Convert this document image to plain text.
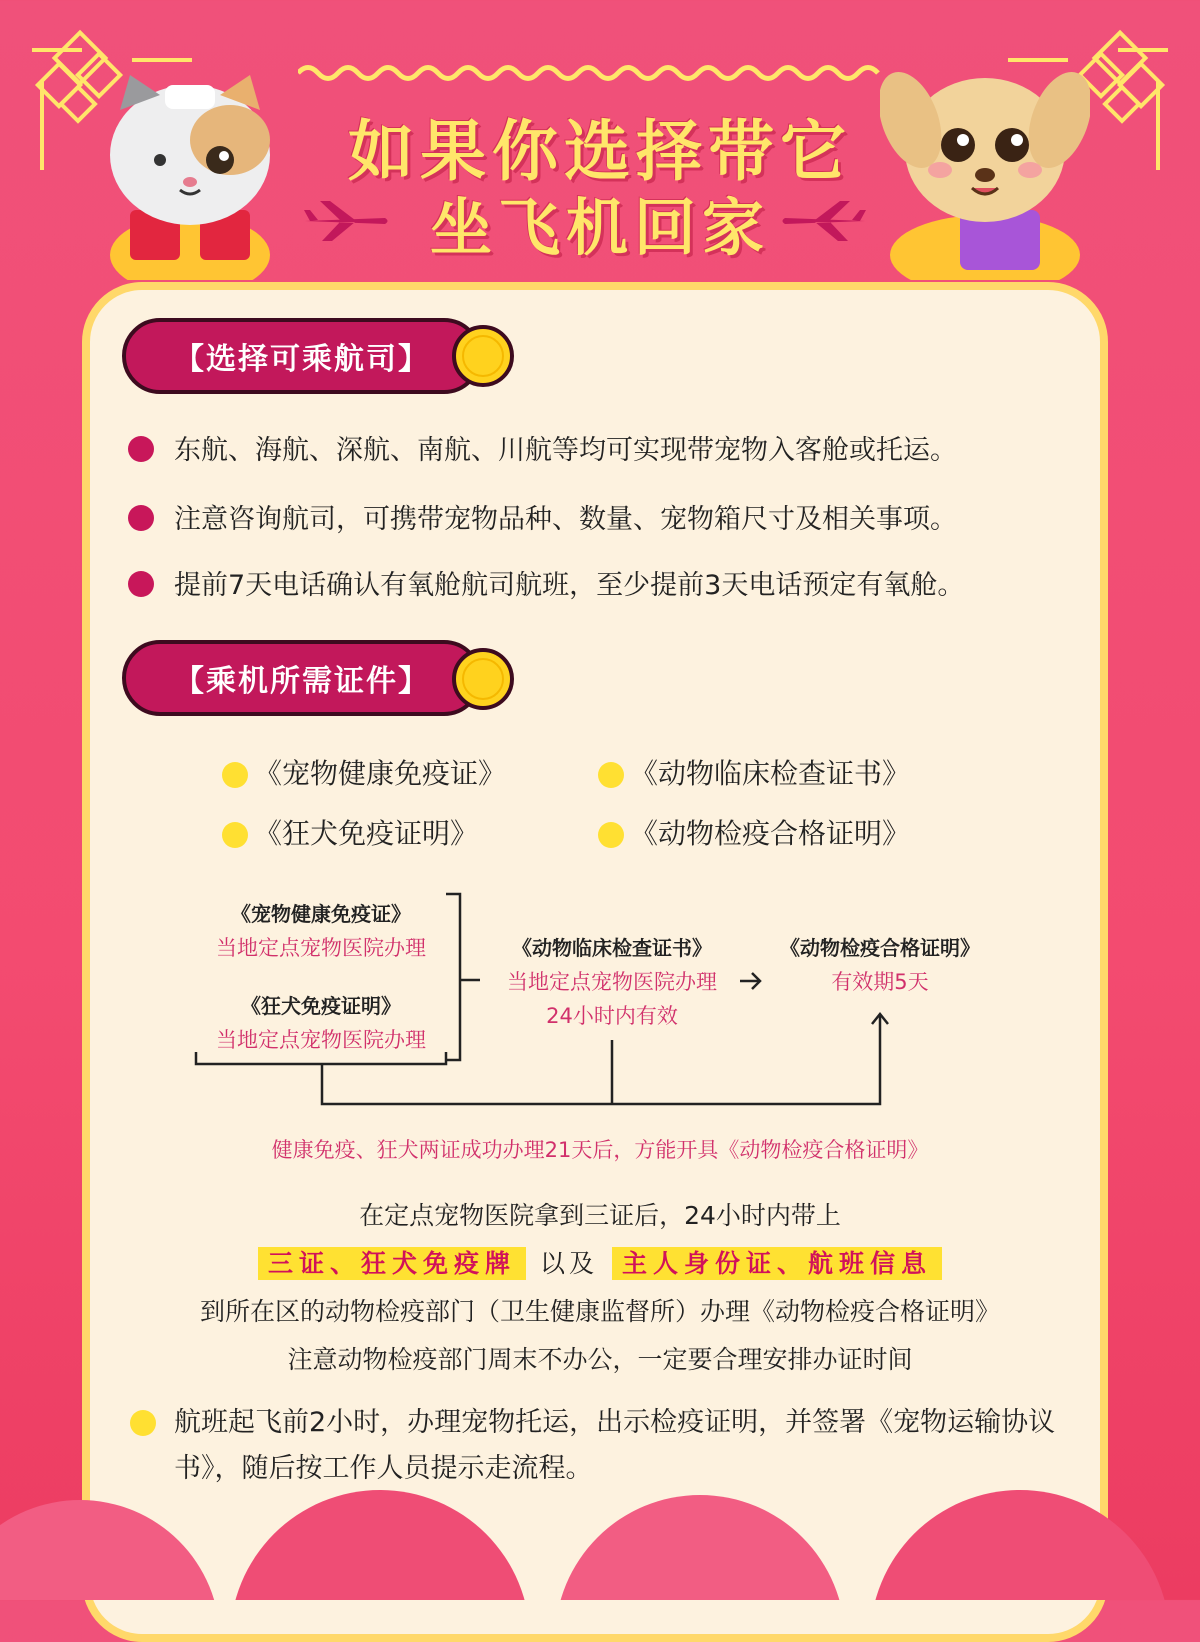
如果你选择带它
坐飞机回家
【选择可乘航司】
东航、海航、深航、南航、川航等均可实现带宠物入客舱或托运。
注意咨询航司，可携带宠物品种、数量、宠物箱尺寸及相关事项。
提前7天电话确认有氧舱航司航班，至少提前3天电话预定有氧舱。
【乘机所需证件】
《宠物健康免疫证》	《动物临床检查证书》
《狂犬免疫证明》	《动物检疫合格证明》
《宠物健康免疫证》
当地定点宠物医院办理
《狂犬免疫证明》
当地定点宠物医院办理
《动物临床检查证书》
当地定点宠物医院办理
24小时内有效
《动物检疫合格证明》
有效期5天
健康免疫、狂犬两证成功办理21天后，方能开具《动物检疫合格证明》
在定点宠物医院拿到三证后，24小时内带上
三证、狂犬免疫牌 以及 主人身份证、航班信息
到所在区的动物检疫部门（卫生健康监督所）办理《动物检疫合格证明》
注意动物检疫部门周末不办公，一定要合理安排办证时间
航班起飞前2小时，办理宠物托运，出示检疫证明，并签署《宠物运输协议书》，随后按工作人员提示走流程。
